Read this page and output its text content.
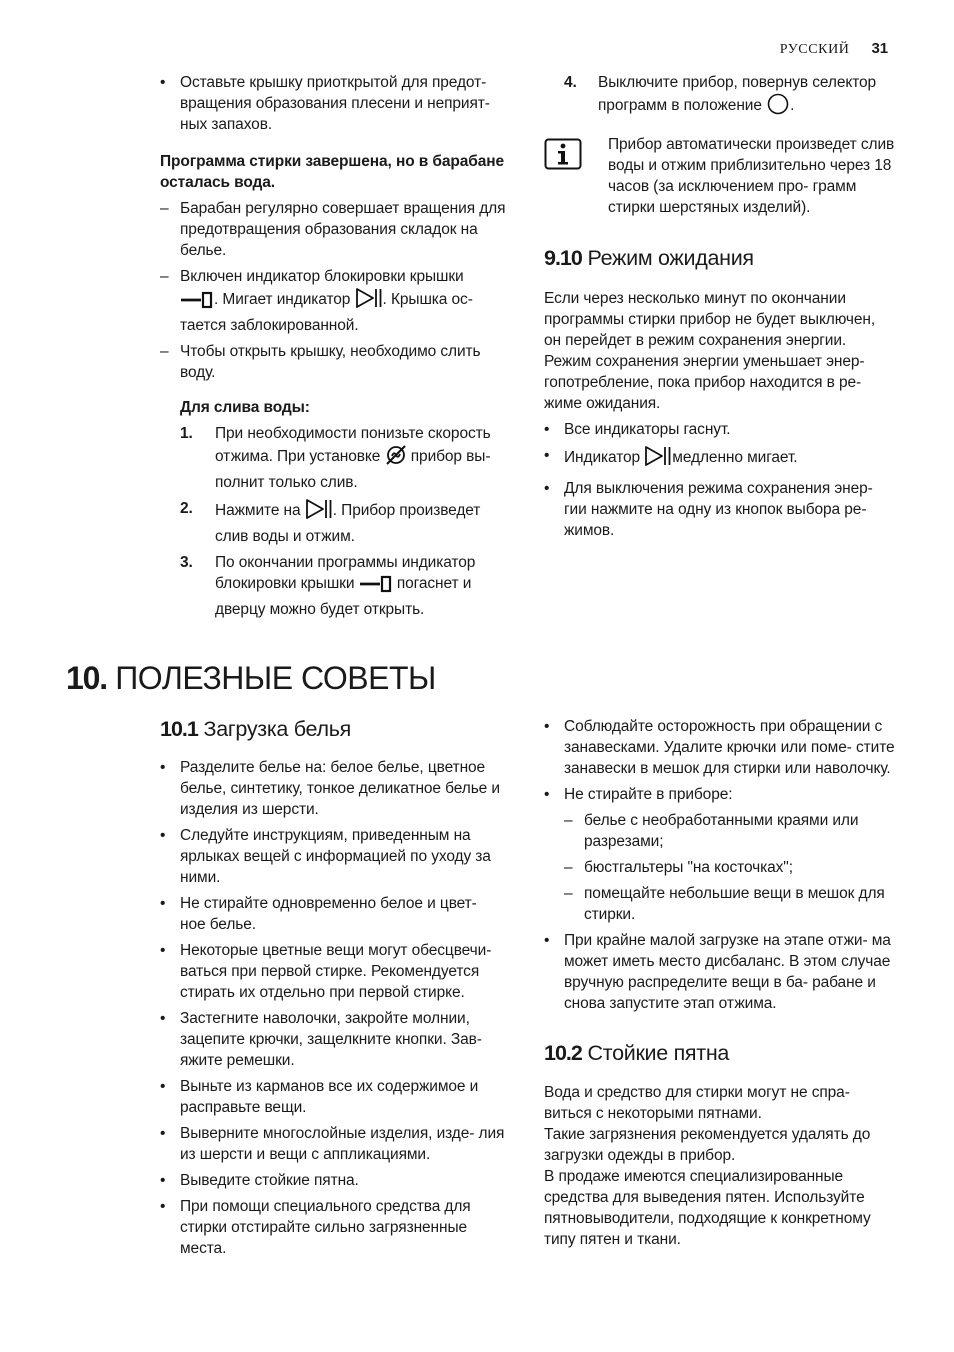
РУССКИЙ 31
• Оставьте крышку приоткрытой для предот- вращения образования плесени и неприят- ных запахов.

Программа стирки завершена, но в барабане
осталась вода.
– Барабан регулярно совершает вращения для предотвращения образования складок на белье.

– Включен индикатор блокировки крышки
. Мигает индикатор . Крышка ос-
тается заблокированной.

– Чтобы открыть крышку, необходимо слить воду.

Для слива воды:
1. При необходимости понизьте скорость
отжима. При установке прибор вы-
полнит только слив.

2. Нажмите на . Прибор произведет
слив воды и отжим.

3. По окончании программы индикатор
блокировки крышки	погаснет и
дверцу можно будет открыть.

4. Выключите прибор, повернув селектор
программ в положение .

Прибор автоматически произведет слив воды и отжим приблизительно через 18 часов (за исключением про- грамм стирки шерстяных изделий).

9.10 Режим ожидания

Если через несколько минут по окончании программы стирки прибор не будет выключен, он перейдет в режим сохранения энергии. Режим сохранения энергии уменьшает энер- гопотребление, пока прибор находится в ре- жиме ожидания.

• Все индикаторы гаснут.

• Индикатор медленно мигает.

• Для выключения режима сохранения энер- гии нажмите на одну из кнопок выбора ре- жимов.

10. ПОЛЕЗНЫЕ СОВЕТЫ
10.1 Загрузка белья
• Разделите белье на: белое белье, цветное белье, синтетику, тонкое деликатное белье и изделия из шерсти.

• Следуйте инструкциям, приведенным на ярлыках вещей с информацией по уходу за ними.

• Не стирайте одновременно белое и цвет- ное белье.

• Некоторые цветные вещи могут обесцвечи- ваться при первой стирке. Рекомендуется стирать их отдельно при первой стирке.

• Застегните наволочки, закройте молнии, зацепите крючки, защелкните кнопки. Зав- яжите ремешки.

• Выньте из карманов все их содержимое и расправьте вещи.

• Выверните многослойные изделия, изде- лия из шерсти и вещи с аппликациями.

• Выведите стойкие пятна.

• При помощи специального средства для стирки отстирайте сильно загрязненные места.

• Соблюдайте осторожность при обращении с занавесками. Удалите крючки или поме- стите занавески в мешок для стирки или наволочку.

• Не стирайте в приборе:

– белье с необработанными краями или разрезами;

– бюстгальтеры "на косточках";

– помещайте небольшие вещи в мешок для стирки.

• При крайне малой загрузке на этапе отжи- ма может иметь место дисбаланс. В этом случае вручную распределите вещи в ба- рабане и снова запустите этап отжима.

10.2 Стойкие пятна

Вода и средство для стирки могут не спра- виться с некоторыми пятнами.

Такие загрязнения рекомендуется удалять до загрузки одежды в прибор.

В продаже имеются специализированные средства для выведения пятен. Используйте пятновыводители, подходящие к конкретному типу пятен и ткани.
